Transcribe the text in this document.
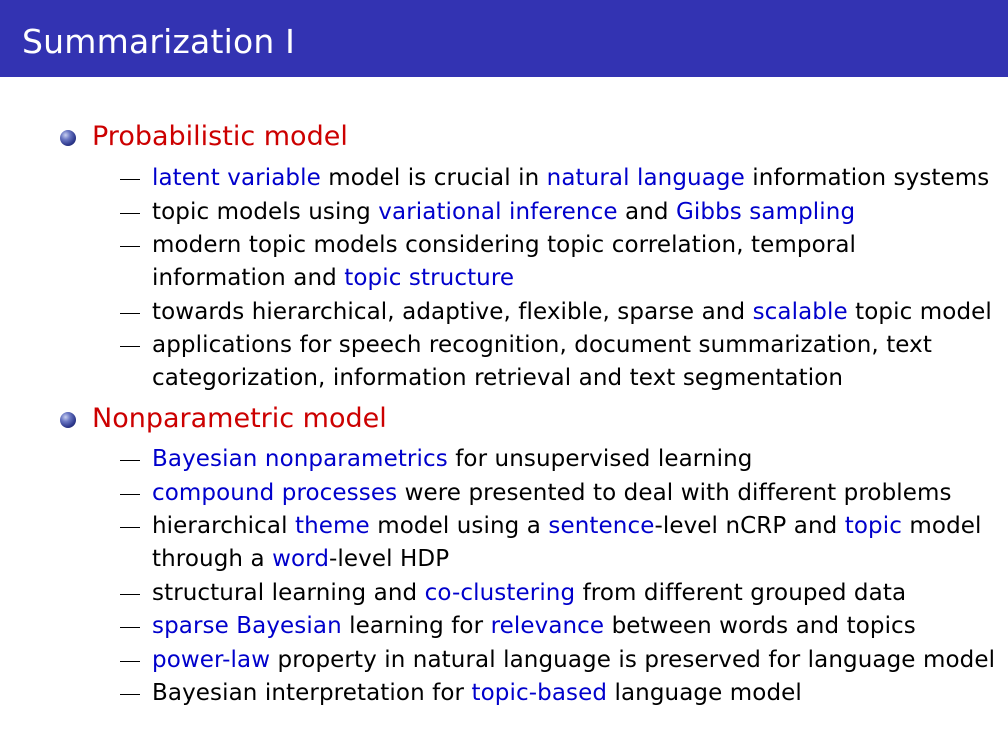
Summarization I
Probabilistic model
latent variable model is crucial in natural language information systems
topic models using variational inference and Gibbs sampling
modern topic models considering topic correlation, temporal
information and topic structure
towards hierarchical, adaptive, flexible, sparse and scalable topic model
applications for speech recognition, document summarization, text
categorization, information retrieval and text segmentation
Nonparametric model
Bayesian nonparametrics for unsupervised learning
compound processes were presented to deal with different problems
hierarchical theme model using a sentence-level nCRP and topic model
through a word-level HDP
structural learning and co-clustering from different grouped data
sparse Bayesian learning for relevance between words and topics
power-law property in natural language is preserved for language model
Bayesian interpretation for topic-based language model
